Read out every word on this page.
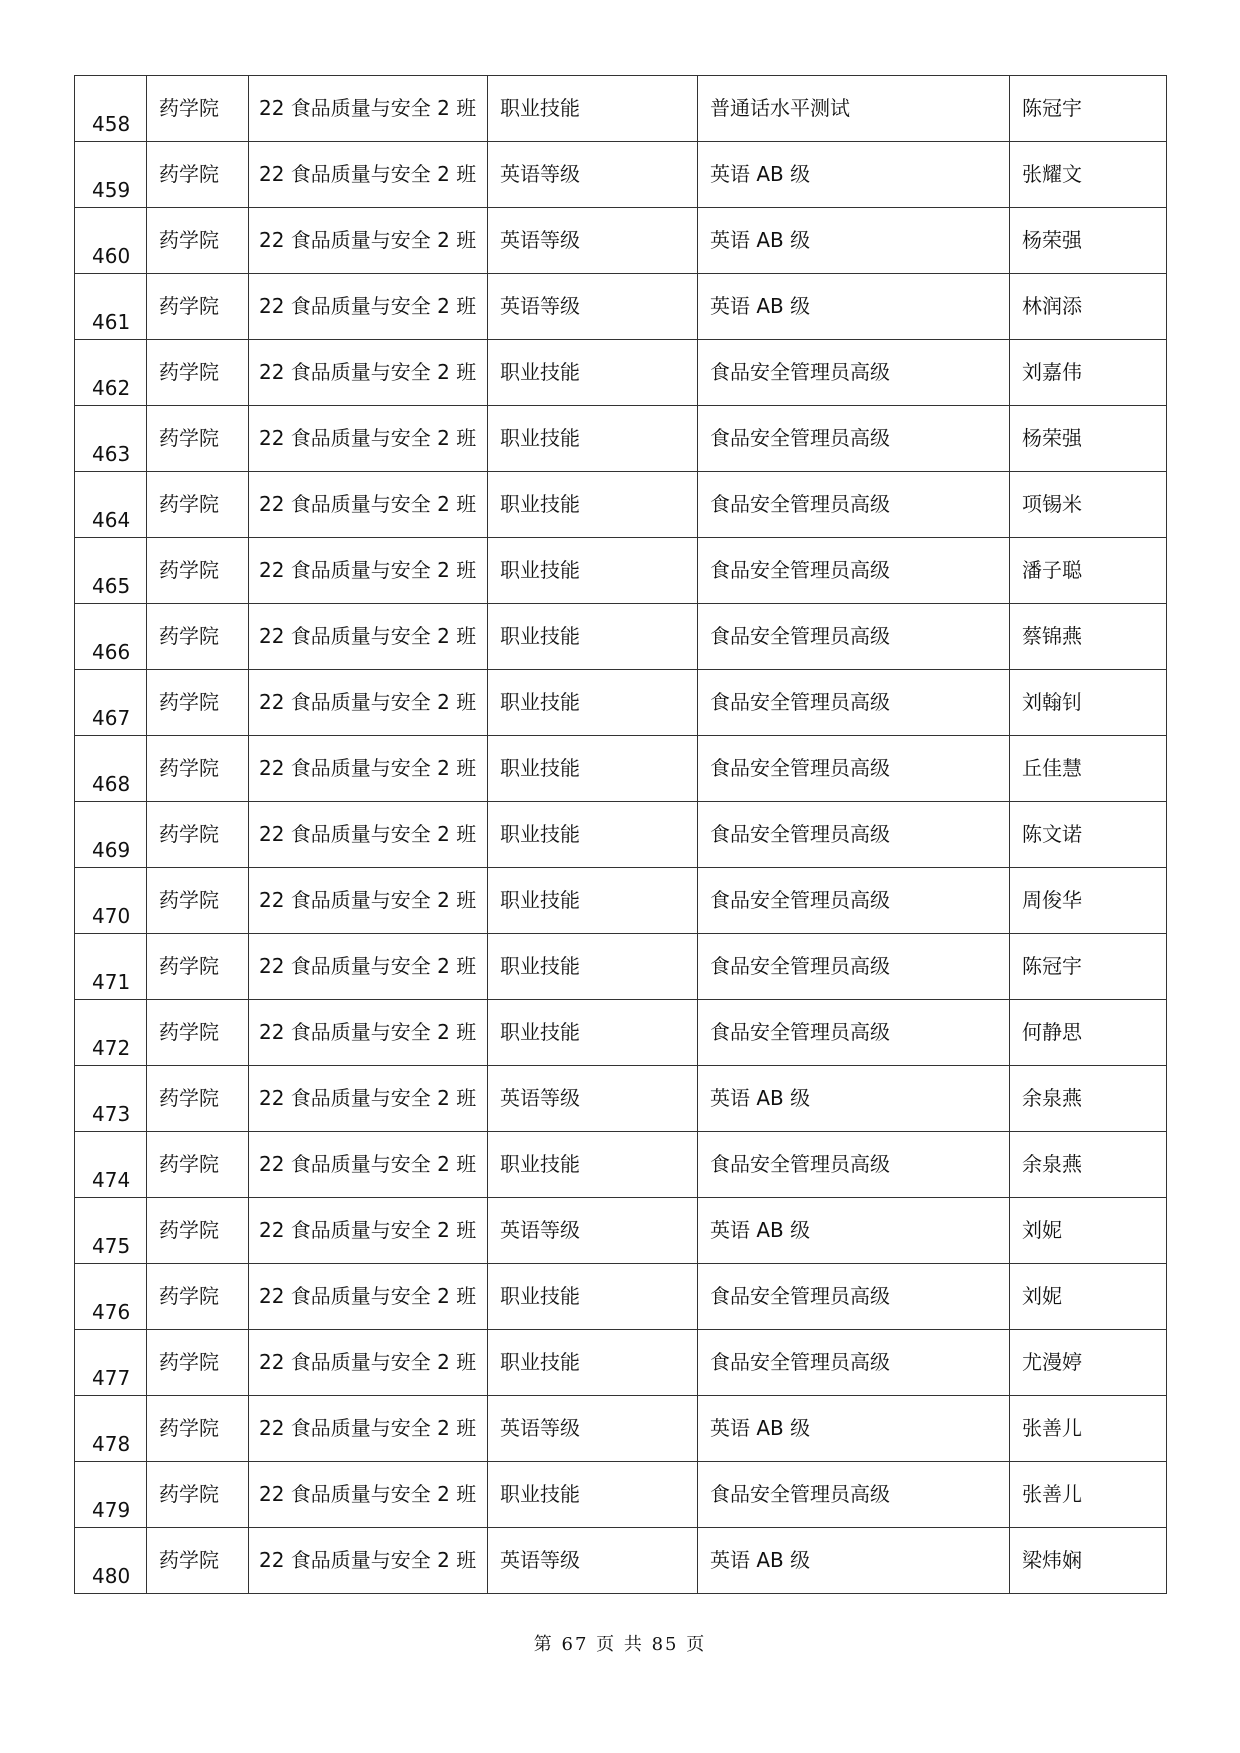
458	药学院	22 食品质量与安全 2 班	职业技能	普通话水平测试	陈冠宇

459	药学院	22 食品质量与安全 2 班	英语等级	英语 AB 级	张耀文

460	药学院	22 食品质量与安全 2 班	英语等级	英语 AB 级	杨荣强

461	药学院	22 食品质量与安全 2 班	英语等级	英语 AB 级	林润添

462	药学院	22 食品质量与安全 2 班	职业技能	食品安全管理员高级	刘嘉伟

463	药学院	22 食品质量与安全 2 班	职业技能	食品安全管理员高级	杨荣强

464	药学院	22 食品质量与安全 2 班	职业技能	食品安全管理员高级	项锡米

465	药学院	22 食品质量与安全 2 班	职业技能	食品安全管理员高级	潘子聪

466	药学院	22 食品质量与安全 2 班	职业技能	食品安全管理员高级	蔡锦燕

467	药学院	22 食品质量与安全 2 班	职业技能	食品安全管理员高级	刘翰钊

468	药学院	22 食品质量与安全 2 班	职业技能	食品安全管理员高级	丘佳慧

469	药学院	22 食品质量与安全 2 班	职业技能	食品安全管理员高级	陈文诺

470	药学院	22 食品质量与安全 2 班	职业技能	食品安全管理员高级	周俊华

471	药学院	22 食品质量与安全 2 班	职业技能	食品安全管理员高级	陈冠宇

472	药学院	22 食品质量与安全 2 班	职业技能	食品安全管理员高级	何静思

473	药学院	22 食品质量与安全 2 班	英语等级	英语 AB 级	余泉燕

474	药学院	22 食品质量与安全 2 班	职业技能	食品安全管理员高级	余泉燕

475	药学院	22 食品质量与安全 2 班	英语等级	英语 AB 级	刘妮

476	药学院	22 食品质量与安全 2 班	职业技能	食品安全管理员高级	刘妮

477	药学院	22 食品质量与安全 2 班	职业技能	食品安全管理员高级	尤漫婷

478	药学院	22 食品质量与安全 2 班	英语等级	英语 AB 级	张善儿

479	药学院	22 食品质量与安全 2 班	职业技能	食品安全管理员高级	张善儿

480	药学院	22 食品质量与安全 2 班	英语等级	英语 AB 级	梁炜娴
第 67 页 共 85 页
